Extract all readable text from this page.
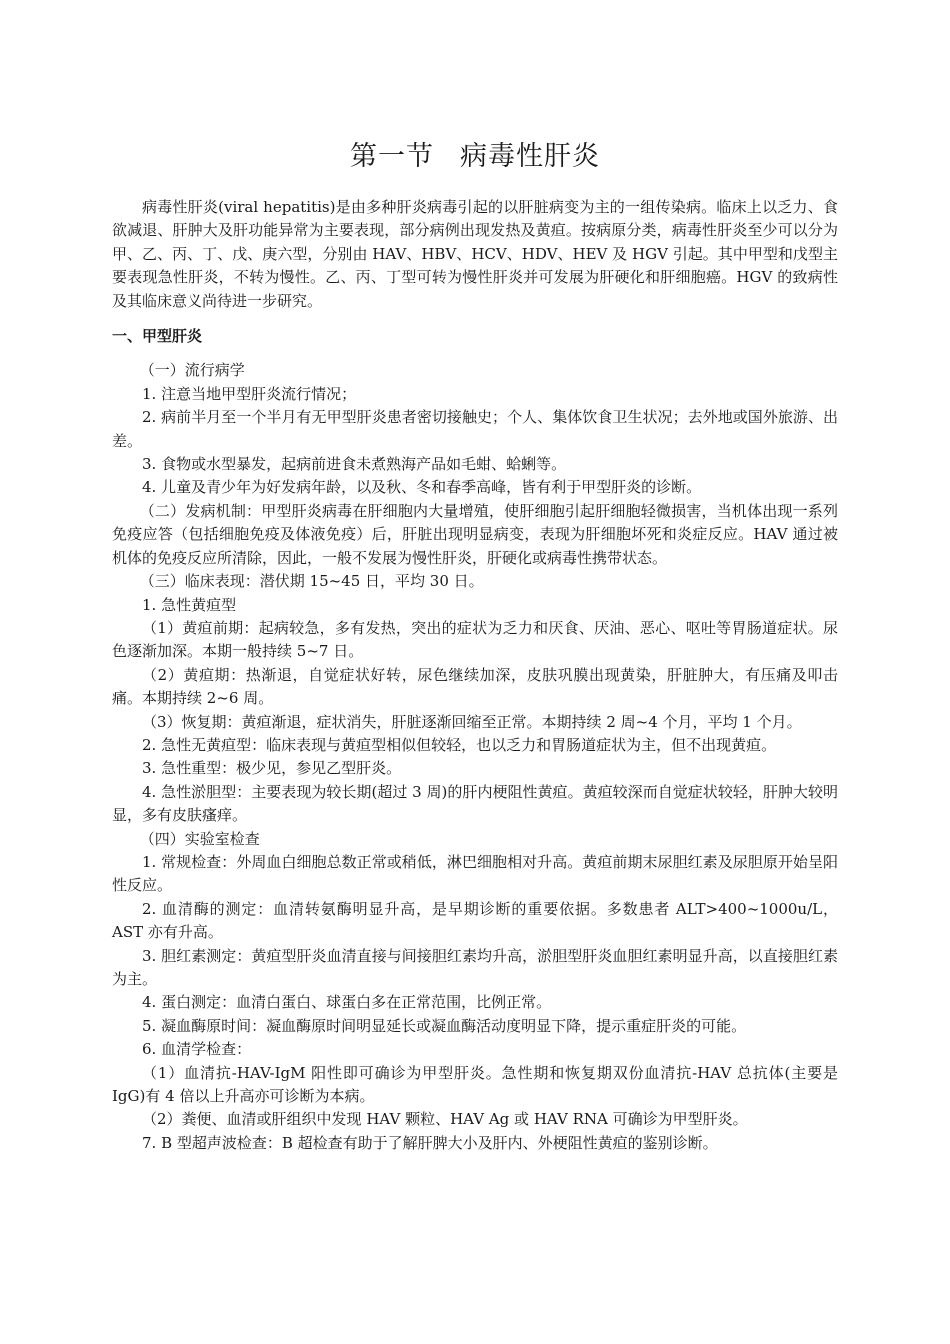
第一节 病毒性肝炎

病毒性肝炎(viral hepatitis)是由多种肝炎病毒引起的以肝脏病变为主的一组传染病。临床上以乏力、食欲减退、肝肿大及肝功能异常为主要表现，部分病例出现发热及黄疸。按病原分类，病毒性肝炎至少可以分为甲、乙、丙、丁、戊、庚六型，分别由 HAV、HBV、HCV、HDV、HEV 及 HGV 引起。其中甲型和戊型主要表现急性肝炎，不转为慢性。乙、丙、丁型可转为慢性肝炎并可发展为肝硬化和肝细胞癌。HGV 的致病性及其临床意义尚待进一步研究。

一、甲型肝炎

（一）流行病学

1. 注意当地甲型肝炎流行情况；

2. 病前半月至一个半月有无甲型肝炎患者密切接触史；个人、集体饮食卫生状况；去外地或国外旅游、出差。

3. 食物或水型暴发，起病前进食未煮熟海产品如毛蚶、蛤蜊等。

4. 儿童及青少年为好发病年龄，以及秋、冬和春季高峰，皆有利于甲型肝炎的诊断。

（二）发病机制：甲型肝炎病毒在肝细胞内大量增殖，使肝细胞引起肝细胞轻微损害，当机体出现一系列免疫应答（包括细胞免疫及体液免疫）后，肝脏出现明显病变，表现为肝细胞坏死和炎症反应。HAV 通过被机体的免疫反应所清除，因此，一般不发展为慢性肝炎，肝硬化或病毒性携带状态。

（三）临床表现：潜伏期 15~45 日，平均 30 日。

1. 急性黄疸型

（1）黄疸前期：起病较急，多有发热，突出的症状为乏力和厌食、厌油、恶心、呕吐等胃肠道症状。尿色逐渐加深。本期一般持续 5~7 日。

（2）黄疸期：热渐退，自觉症状好转，尿色继续加深，皮肤巩膜出现黄染，肝脏肿大，有压痛及叩击痛。本期持续 2~6 周。

（3）恢复期：黄疸渐退，症状消失，肝脏逐渐回缩至正常。本期持续 2 周~4 个月，平均 1 个月。

2. 急性无黄疸型：临床表现与黄疸型相似但较轻，也以乏力和胃肠道症状为主，但不出现黄疸。

3. 急性重型：极少见，参见乙型肝炎。

4. 急性淤胆型：主要表现为较长期(超过 3 周)的肝内梗阻性黄疸。黄疸较深而自觉症状较轻，肝肿大较明显，多有皮肤瘙痒。

（四）实验室检查

1. 常规检查：外周血白细胞总数正常或稍低，淋巴细胞相对升高。黄疸前期末尿胆红素及尿胆原开始呈阳性反应。

2. 血清酶的测定：血清转氨酶明显升高，是早期诊断的重要依据。多数患者 ALT>400~1000u/L，AST 亦有升高。

3. 胆红素测定：黄疸型肝炎血清直接与间接胆红素均升高，淤胆型肝炎血胆红素明显升高，以直接胆红素为主。

4. 蛋白测定：血清白蛋白、球蛋白多在正常范围，比例正常。

5. 凝血酶原时间：凝血酶原时间明显延长或凝血酶活动度明显下降，提示重症肝炎的可能。

6. 血清学检查：

（1）血清抗-HAV-IgM 阳性即可确诊为甲型肝炎。急性期和恢复期双份血清抗-HAV 总抗体(主要是 IgG)有 4 倍以上升高亦可诊断为本病。

（2）粪便、血清或肝组织中发现 HAV 颗粒、HAV Ag 或 HAV RNA 可确诊为甲型肝炎。

7. B 型超声波检查：B 超检查有助于了解肝脾大小及肝内、外梗阻性黄疸的鉴别诊断。
